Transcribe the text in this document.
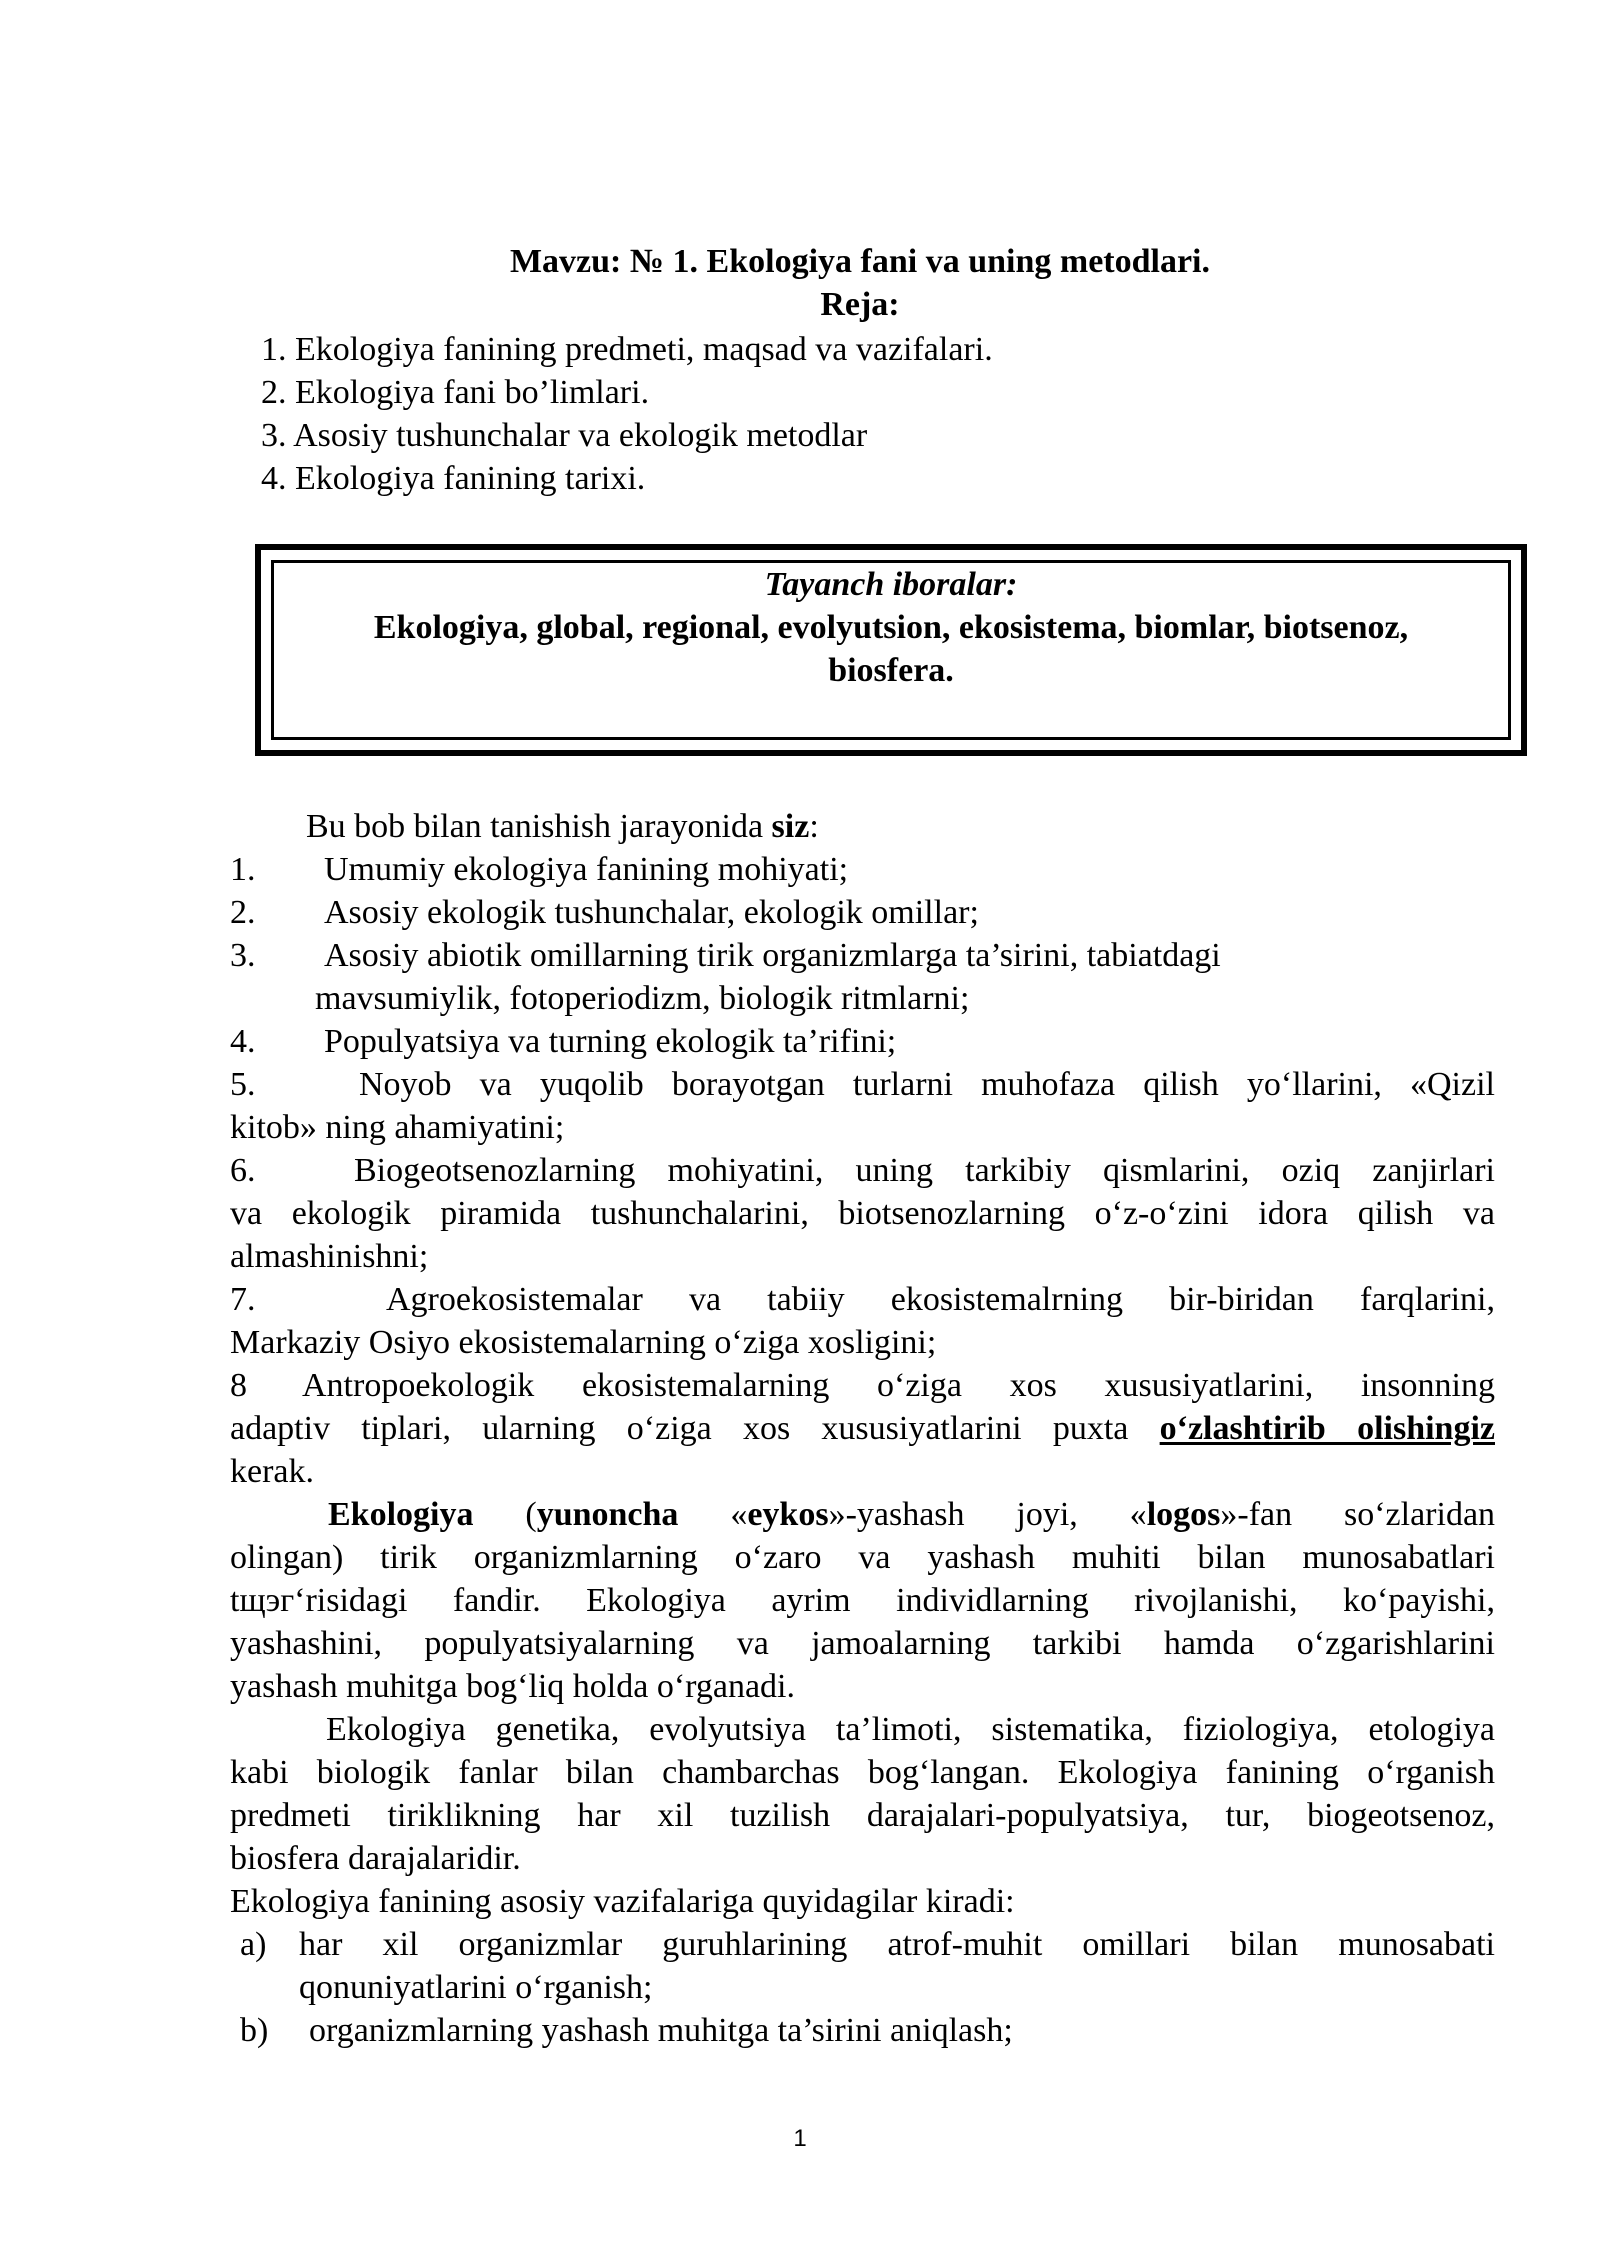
Mavzu: № 1. Ekologiya fani va uning metodlari.
Reja:
1. Ekologiya fanining predmeti, maqsad va vazifalari.
2. Ekologiya fani bo’limlari.
3. Asosiy tushunchalar va ekologik metodlar
4. Ekologiya fanining tarixi.
Tayanch iboralar:
Ekologiya, global, regional, evolyutsion, ekosistema, biomlar, biotsenoz,
biosfera.
Bu bob bilan tanishish jarayonida siz:
1. Umumiy ekologiya fanining mohiyati;
2. Asosiy ekologik tushunchalar, ekologik omillar;
3. Asosiy abiotik omillarning tirik organizmlarga ta’sirini, tabiatdagi
mavsumiylik, fotoperiodizm, biologik ritmlarni;
4. Populyatsiya va turning ekologik ta’rifini;
5.	Noyob va yuqolib borayotgan turlarni muhofaza qilish yo‘llarini, «Qizil
kitob» ning ahamiyatini;
6.	Biogeotsenozlarning mohiyatini, uning tarkibiy qismlarini, oziq zanjirlari
va ekologik piramida tushunchalarini, biotsenozlarning o‘z-o‘zini idora qilish va
almashinishni;
7.	Agroekosistemalar va tabiiy ekosistemalrning bir-biridan farqlarini,
Markaziy Osiyo ekosistemalarning o‘ziga xosligini;
8 Antropoekologik ekosistemalarning o‘ziga xos xususiyatlarini, insonning
adaptiv tiplari, ularning o‘ziga xos xususiyatlarini puxta o‘zlashtirib olishingiz
kerak.
Ekologiya (yunoncha «eykos»-yashash joyi, «logos»-fan so‘zlaridan
olingan) tirik organizmlarning o‘zaro va yashash muhiti bilan munosabatlari
tщэг‘risidagi fandir. Ekologiya ayrim individlarning rivojlanishi, ko‘payishi,
yashashini, populyatsiyalarning va jamoalarning tarkibi hamda o‘zgarishlarini
yashash muhitga bog‘liq holda o‘rganadi.
Ekologiya genetika, evolyutsiya ta’limoti, sistematika, fiziologiya, etologiya
kabi biologik fanlar bilan chambarchas bog‘langan. Ekologiya fanining o‘rganish
predmeti tiriklikning har xil tuzilish darajalari-populyatsiya, tur, biogeotsenoz,
biosfera darajalaridir.
Ekologiya fanining asosiy vazifalariga quyidagilar kiradi:
a) har xil organizmlar guruhlarining atrof-muhit omillari bilan munosabati
qonuniyatlarini o‘rganish;
b) organizmlarning yashash muhitga ta’sirini aniqlash;
1
